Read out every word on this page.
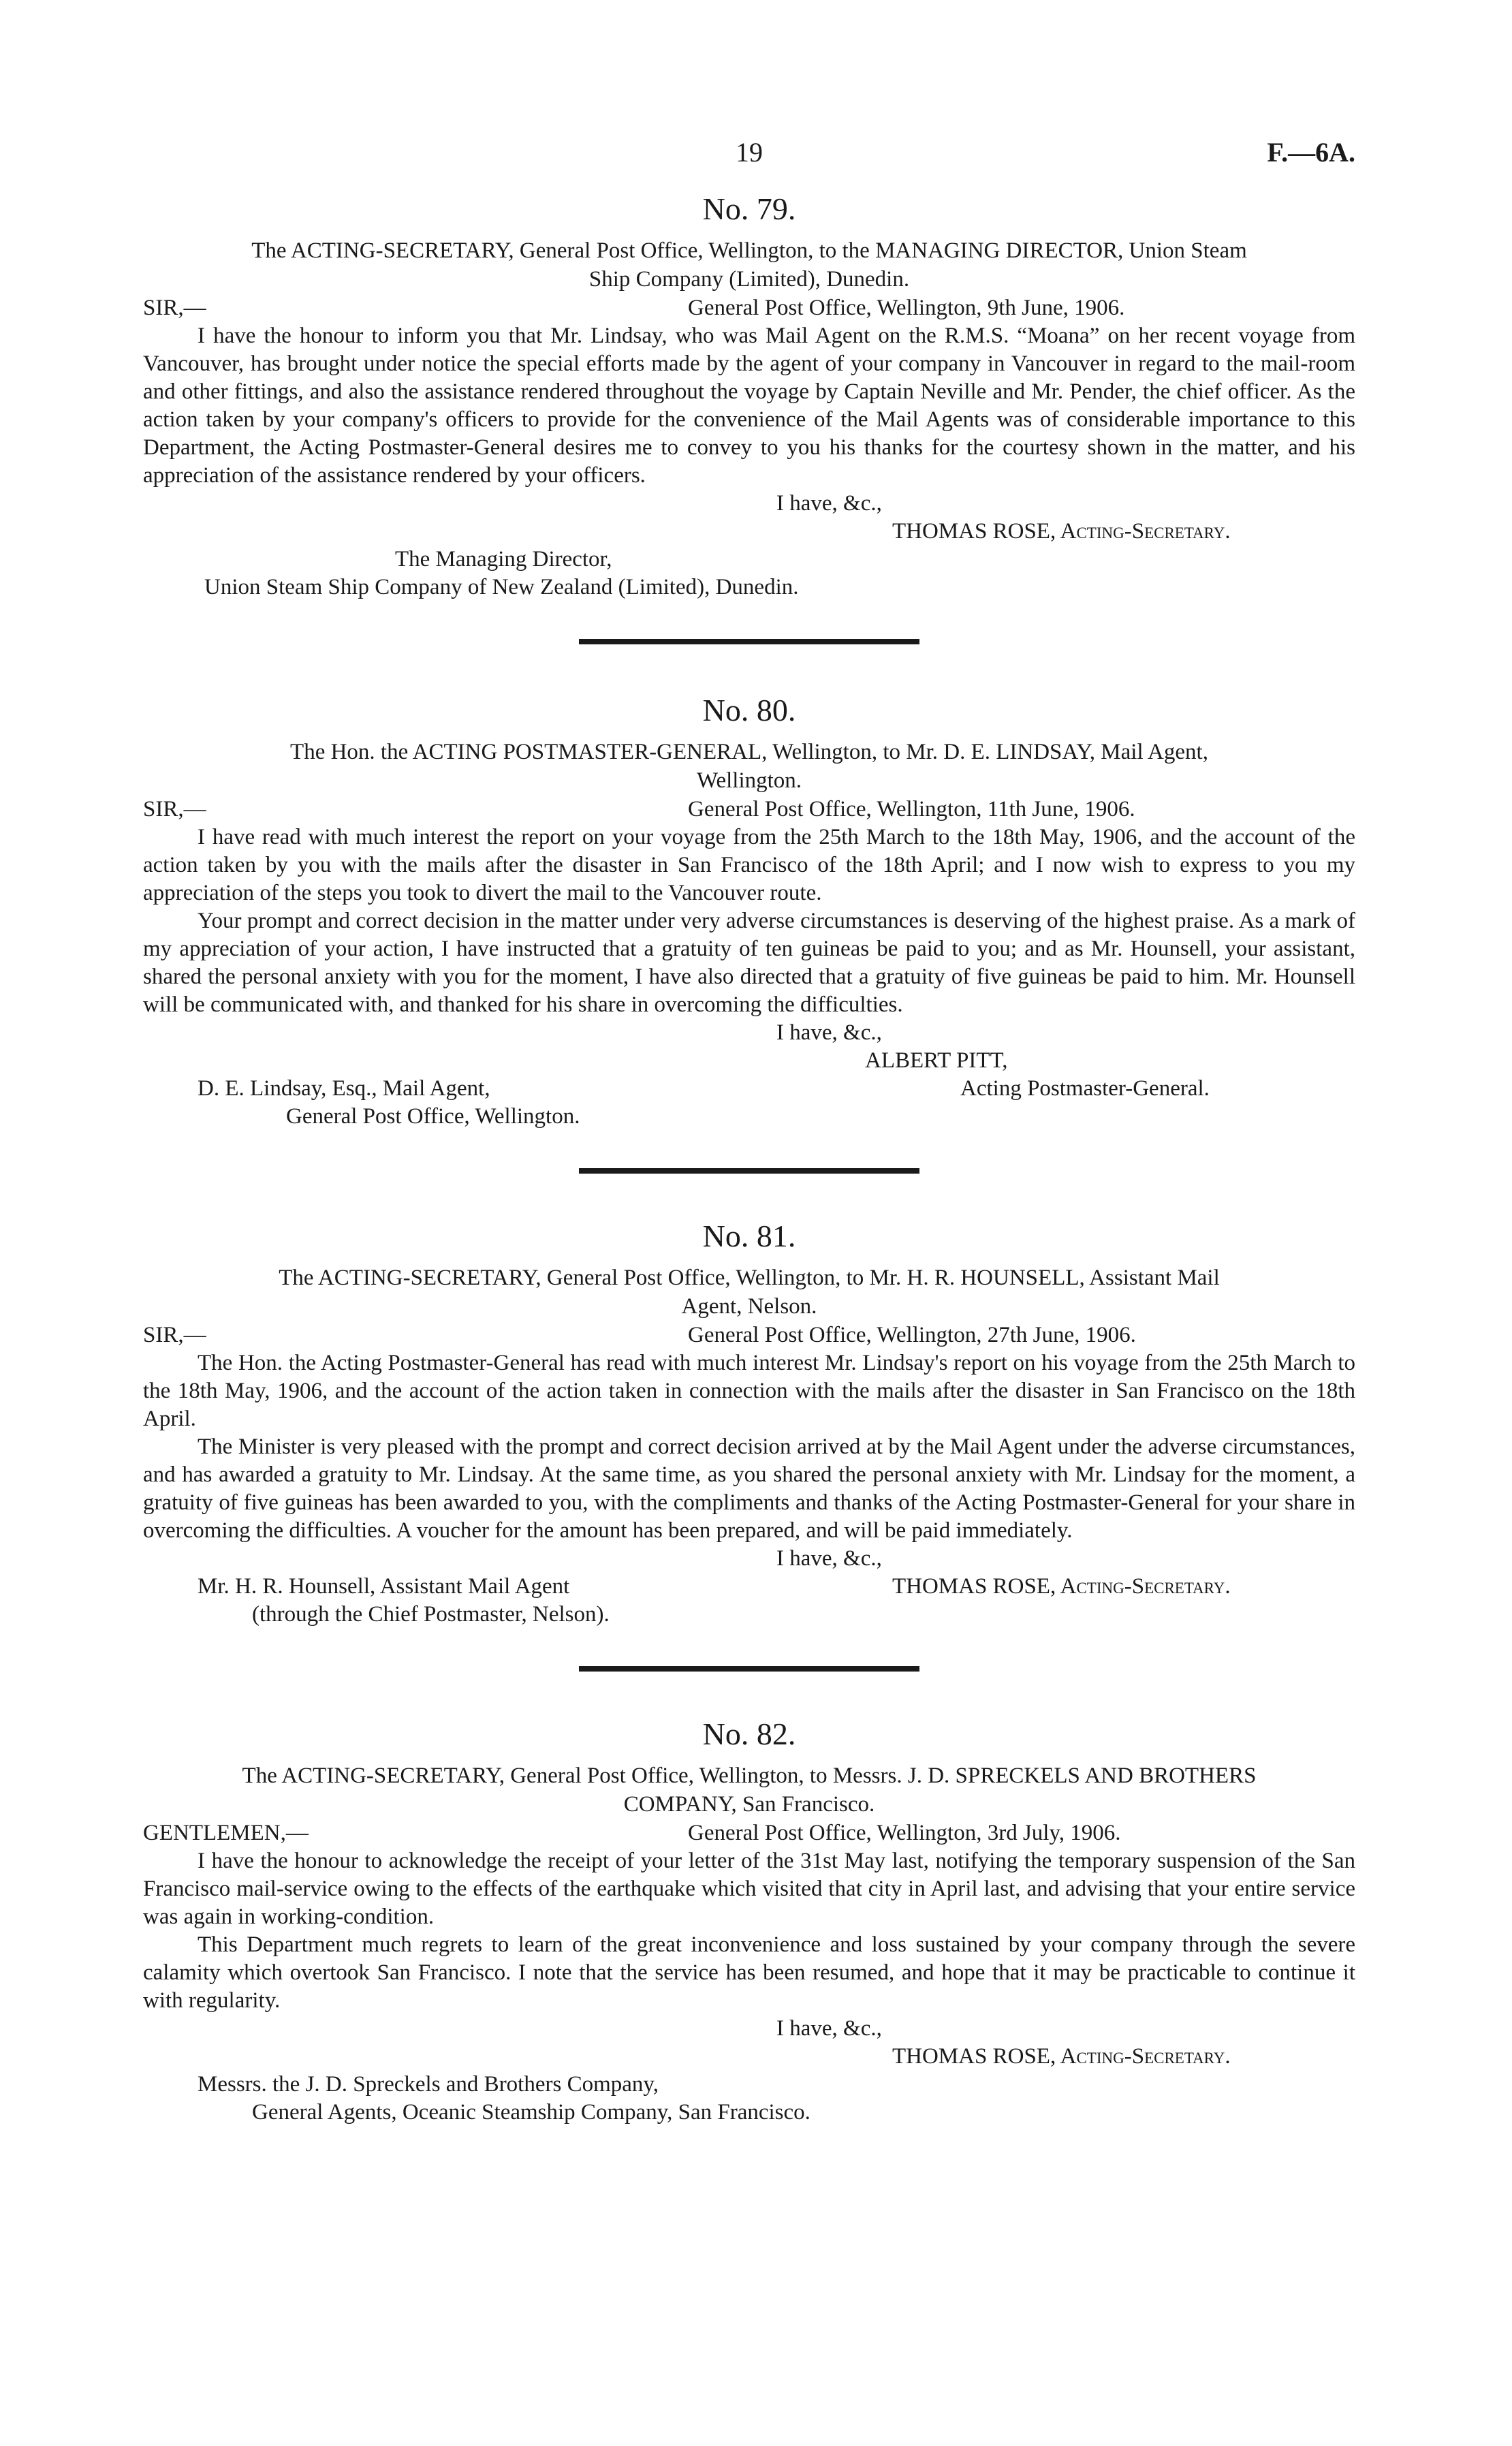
19	F.—6A.
No. 79.
The ACTING-SECRETARY, General Post Office, Wellington, to the MANAGING DIRECTOR, Union Steam
Ship Company (Limited), Dunedin.
SIR,—	General Post Office, Wellington, 9th June, 1906.

I have the honour to inform you that Mr. Lindsay, who was Mail Agent on the R.M.S. “Moana” on her recent voyage from Vancouver, has brought under notice the special efforts made by the agent of your company in Vancouver in regard to the mail-room and other fittings, and also the assistance rendered throughout the voyage by Captain Neville and Mr. Pender, the chief officer. As the action taken by your company's officers to provide for the convenience of the Mail Agents was of considerable importance to this Department, the Acting Postmaster-General desires me to convey to you his thanks for the courtesy shown in the matter, and his appreciation of the assistance rendered by your officers.

I have, &c.,
THOMAS ROSE, Acting-Secretary.
The Managing Director,
Union Steam Ship Company of New Zealand (Limited), Dunedin.
No. 80.
The Hon. the ACTING POSTMASTER-GENERAL, Wellington, to Mr. D. E. LINDSAY, Mail Agent,
Wellington.
SIR,—	General Post Office, Wellington, 11th June, 1906.

I have read with much interest the report on your voyage from the 25th March to the 18th May, 1906, and the account of the action taken by you with the mails after the disaster in San Francisco of the 18th April; and I now wish to express to you my appreciation of the steps you took to divert the mail to the Vancouver route.

Your prompt and correct decision in the matter under very adverse circumstances is deserving of the highest praise. As a mark of my appreciation of your action, I have instructed that a gratuity of ten guineas be paid to you; and as Mr. Hounsell, your assistant, shared the personal anxiety with you for the moment, I have also directed that a gratuity of five guineas be paid to him. Mr. Hounsell will be communicated with, and thanked for his share in overcoming the difficulties.

I have, &c.,
ALBERT PITT,
D. E. Lindsay, Esq., Mail Agent,	Acting Postmaster-General.
General Post Office, Wellington.
No. 81.
The ACTING-SECRETARY, General Post Office, Wellington, to Mr. H. R. HOUNSELL, Assistant Mail
Agent, Nelson.
SIR,—	General Post Office, Wellington, 27th June, 1906.

The Hon. the Acting Postmaster-General has read with much interest Mr. Lindsay's report on his voyage from the 25th March to the 18th May, 1906, and the account of the action taken in connection with the mails after the disaster in San Francisco on the 18th April.

The Minister is very pleased with the prompt and correct decision arrived at by the Mail Agent under the adverse circumstances, and has awarded a gratuity to Mr. Lindsay. At the same time, as you shared the personal anxiety with Mr. Lindsay for the moment, a gratuity of five guineas has been awarded to you, with the compliments and thanks of the Acting Postmaster-General for your share in overcoming the difficulties. A voucher for the amount has been prepared, and will be paid immediately.

I have, &c.,
Mr. H. R. Hounsell, Assistant Mail Agent	THOMAS ROSE, Acting-Secretary.
(through the Chief Postmaster, Nelson).
No. 82.
The ACTING-SECRETARY, General Post Office, Wellington, to Messrs. J. D. SPRECKELS AND BROTHERS
COMPANY, San Francisco.
GENTLEMEN,—	General Post Office, Wellington, 3rd July, 1906.

I have the honour to acknowledge the receipt of your letter of the 31st May last, notifying the temporary suspension of the San Francisco mail-service owing to the effects of the earthquake which visited that city in April last, and advising that your entire service was again in working-condition.

This Department much regrets to learn of the great inconvenience and loss sustained by your company through the severe calamity which overtook San Francisco. I note that the service has been resumed, and hope that it may be practicable to continue it with regularity.

I have, &c.,
THOMAS ROSE, Acting-Secretary.
Messrs. the J. D. Spreckels and Brothers Company,
General Agents, Oceanic Steamship Company, San Francisco.
